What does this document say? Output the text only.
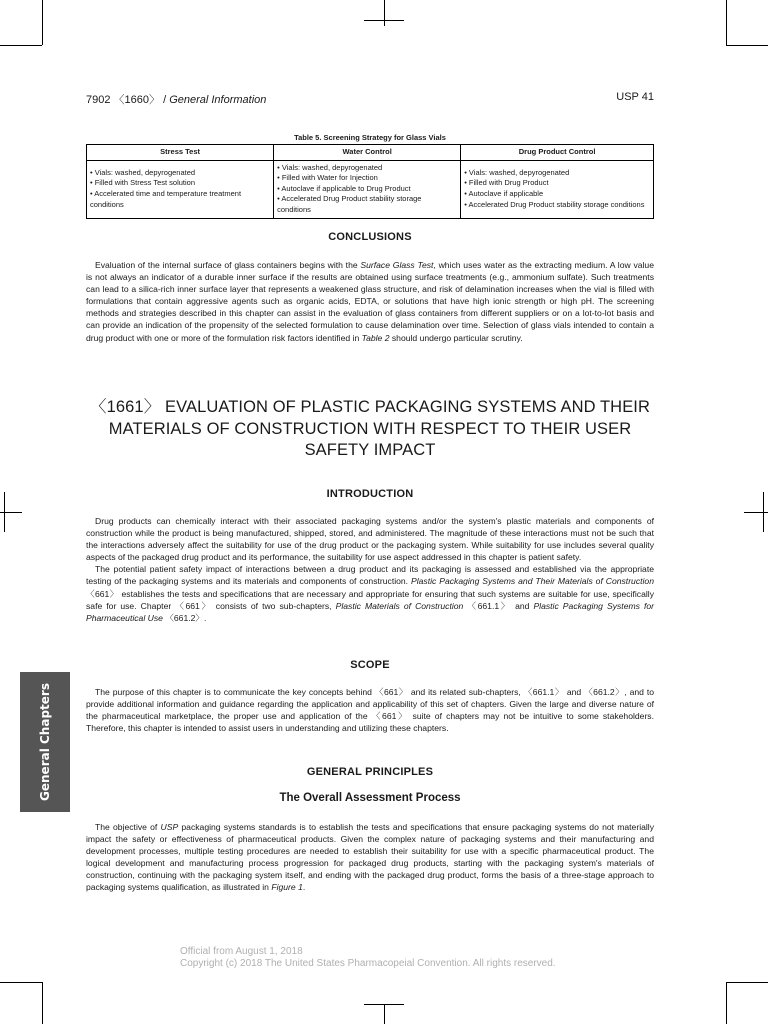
7902 〈1660〉 / General Information	USP 41
Table 5. Screening Strategy for Glass Vials
Stress Test	Water Control	Drug Product Control

• Vials: washed, depyrogenated
• Filled with Stress Test solution
• Accelerated time and temperature treatment conditions	• Vials: washed, depyrogenated
• Filled with Water for Injection
• Autoclave if applicable to Drug Product
• Accelerated Drug Product stability storage conditions	• Vials: washed, depyrogenated
• Filled with Drug Product
• Autoclave if applicable
• Accelerated Drug Product stability storage conditions
CONCLUSIONS
Evaluation of the internal surface of glass containers begins with the Surface Glass Test, which uses water as the extracting medium. A low value is not always an indicator of a durable inner surface if the results are obtained using surface treatments (e.g., ammonium sulfate). Such treatments can lead to a silica-rich inner surface layer that represents a weakened glass structure, and risk of delamination increases when the vial is filled with formulations that contain aggressive agents such as organic acids, EDTA, or solutions that have high ionic strength or high pH. The screening methods and strategies described in this chapter can assist in the evaluation of glass containers from different suppliers or on a lot-to-lot basis and can provide an indication of the propensity of the selected formulation to cause delamination over time. Selection of glass vials intended to contain a drug product with one or more of the formulation risk factors identified in Table 2 should undergo particular scrutiny.
〈1661〉 EVALUATION OF PLASTIC PACKAGING SYSTEMS AND THEIR MATERIALS OF CONSTRUCTION WITH RESPECT TO THEIR USER SAFETY IMPACT
INTRODUCTION

Drug products can chemically interact with their associated packaging systems and/or the system's plastic materials and components of construction while the product is being manufactured, shipped, stored, and administered. The magnitude of these interactions must not be such that the interactions adversely affect the suitability for use of the drug product or the packaging system. While suitability for use includes several quality aspects of the packaged drug product and its performance, the suitability for use aspect addressed in this chapter is patient safety.

The potential patient safety impact of interactions between a drug product and its packaging is assessed and established via the appropriate testing of the packaging systems and its materials and components of construction. Plastic Packaging Systems and Their Materials of Construction 〈661〉 establishes the tests and specifications that are necessary and appropriate for ensuring that such systems are suitable for use, specifically safe for use. Chapter 〈661〉 consists of two sub-chapters, Plastic Materials of Construction 〈661.1〉 and Plastic Packaging Systems for Pharmaceutical Use 〈661.2〉.

SCOPE
The purpose of this chapter is to communicate the key concepts behind 〈661〉 and its related sub-chapters, 〈661.1〉 and 〈661.2〉, and to provide additional information and guidance regarding the application and applicability of this set of chapters. Given the large and diverse nature of the pharmaceutical marketplace, the proper use and application of the 〈661〉 suite of chapters may not be intuitive to some stakeholders. Therefore, this chapter is intended to assist users in understanding and utilizing these chapters.
GENERAL PRINCIPLES
The Overall Assessment Process
The objective of USP packaging systems standards is to establish the tests and specifications that ensure packaging systems do not materially impact the safety or effectiveness of pharmaceutical products. Given the complex nature of packaging systems and their manufacturing and development processes, multiple testing procedures are needed to establish their suitability for use with a specific pharmaceutical product. The logical development and manufacturing process progression for packaged drug products, starting with the packaging system's materials of construction, continuing with the packaging system itself, and ending with the packaged drug product, forms the basis of a three-stage approach to packaging systems qualification, as illustrated in Figure 1.
General Chapters
Official from August 1, 2018
Copyright (c) 2018 The United States Pharmacopeial Convention. All rights reserved.
